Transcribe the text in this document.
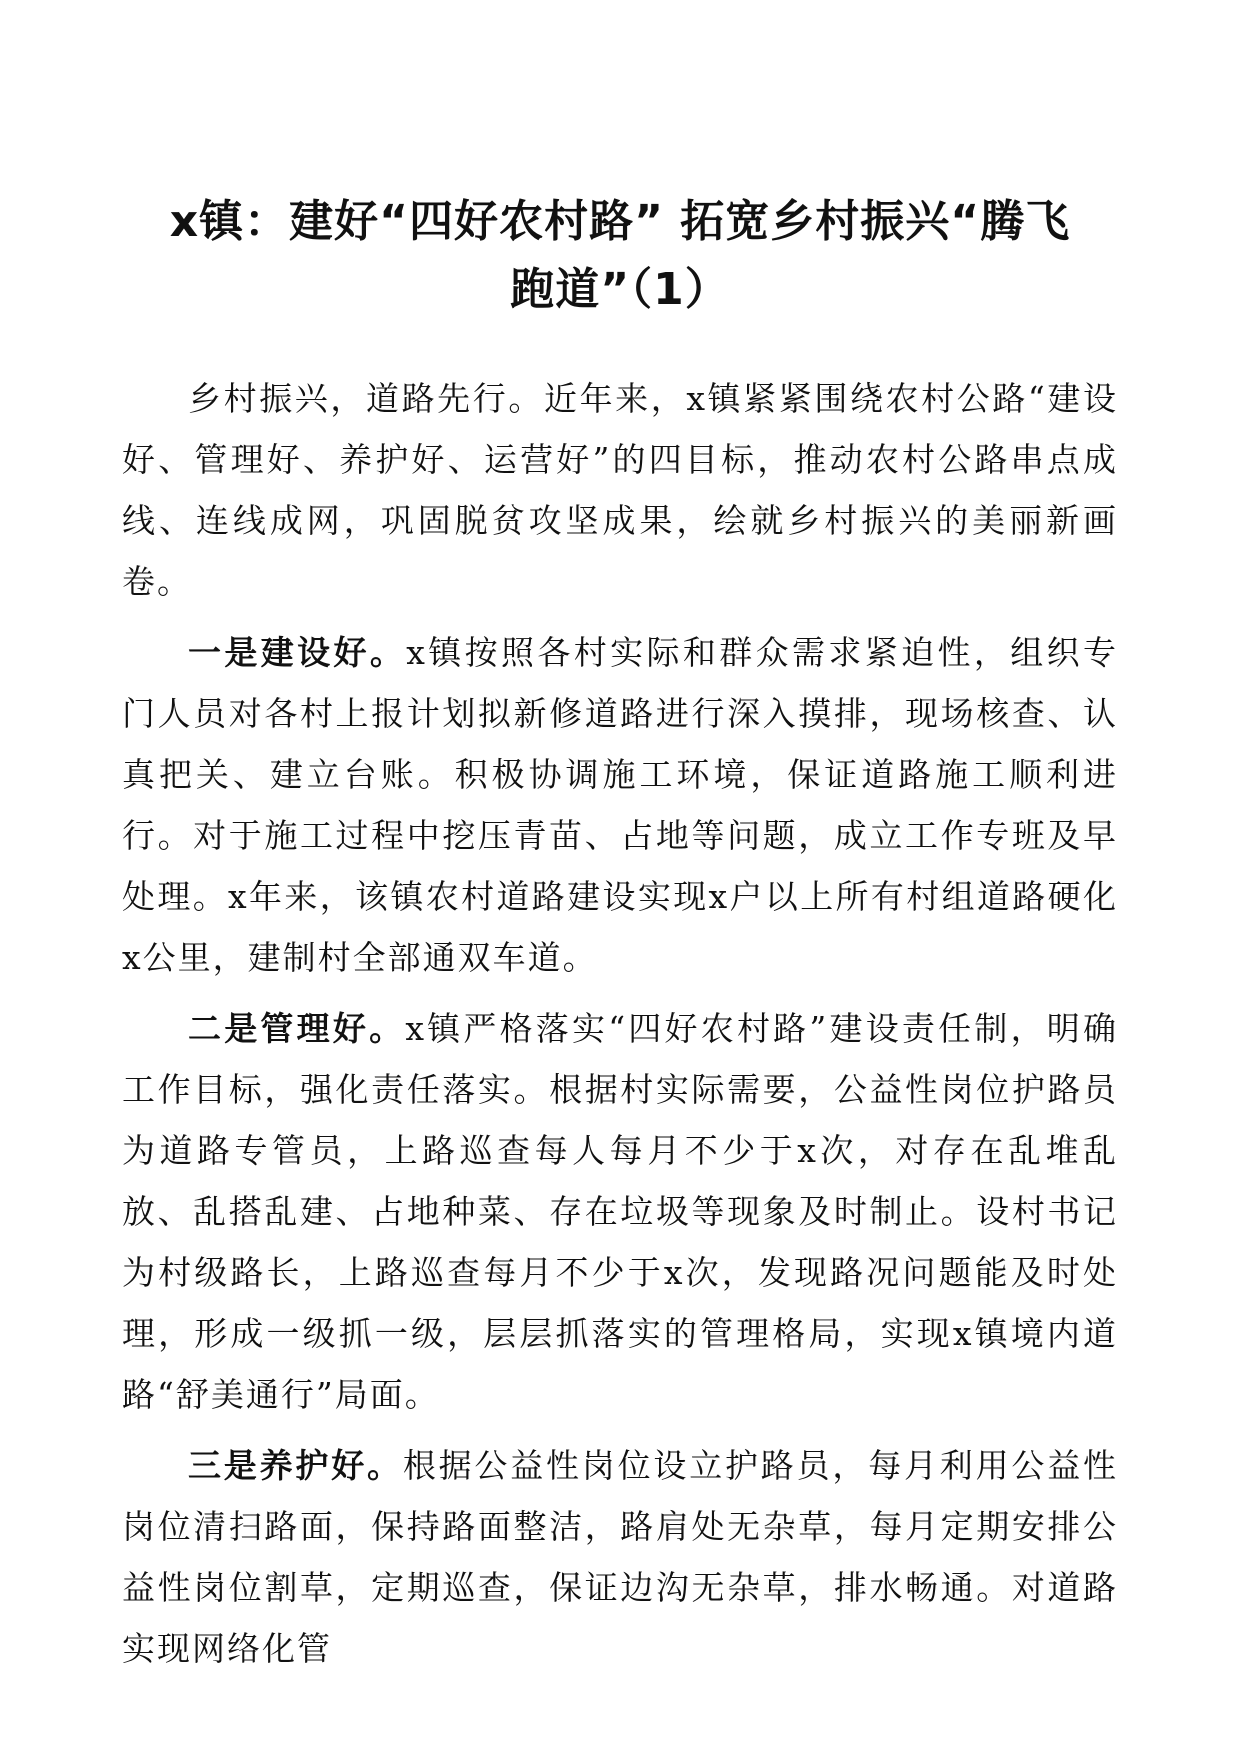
x镇：建好“四好农村路” 拓宽乡村振兴“腾飞
跑道”（1）

乡村振兴，道路先行。近年来，x镇紧紧围绕农村公路“建设好、管理好、养护好、运营好”的四目标，推动农村公路串点成线、连线成网，巩固脱贫攻坚成果，绘就乡村振兴的美丽新画卷。

一是建设好。x镇按照各村实际和群众需求紧迫性，组织专门人员对各村上报计划拟新修道路进行深入摸排，现场核查、认真把关、建立台账。积极协调施工环境，保证道路施工顺利进行。对于施工过程中挖压青苗、占地等问题，成立工作专班及早处理。x年来，该镇农村道路建设实现x户以上所有村组道路硬化x公里，建制村全部通双车道。

二是管理好。x镇严格落实“四好农村路”建设责任制，明确工作目标，强化责任落实。根据村实际需要，公益性岗位护路员为道路专管员，上路巡查每人每月不少于x次，对存在乱堆乱放、乱搭乱建、占地种菜、存在垃圾等现象及时制止。设村书记为村级路长，上路巡查每月不少于x次，发现路况问题能及时处理，形成一级抓一级，层层抓落实的管理格局，实现x镇境内道路“舒美通行”局面。

三是养护好。根据公益性岗位设立护路员，每月利用公益性岗位清扫路面，保持路面整洁，路肩处无杂草，每月定期安排公益性岗位割草，定期巡查，保证边沟无杂草，排水畅通。对道路实现网络化管
